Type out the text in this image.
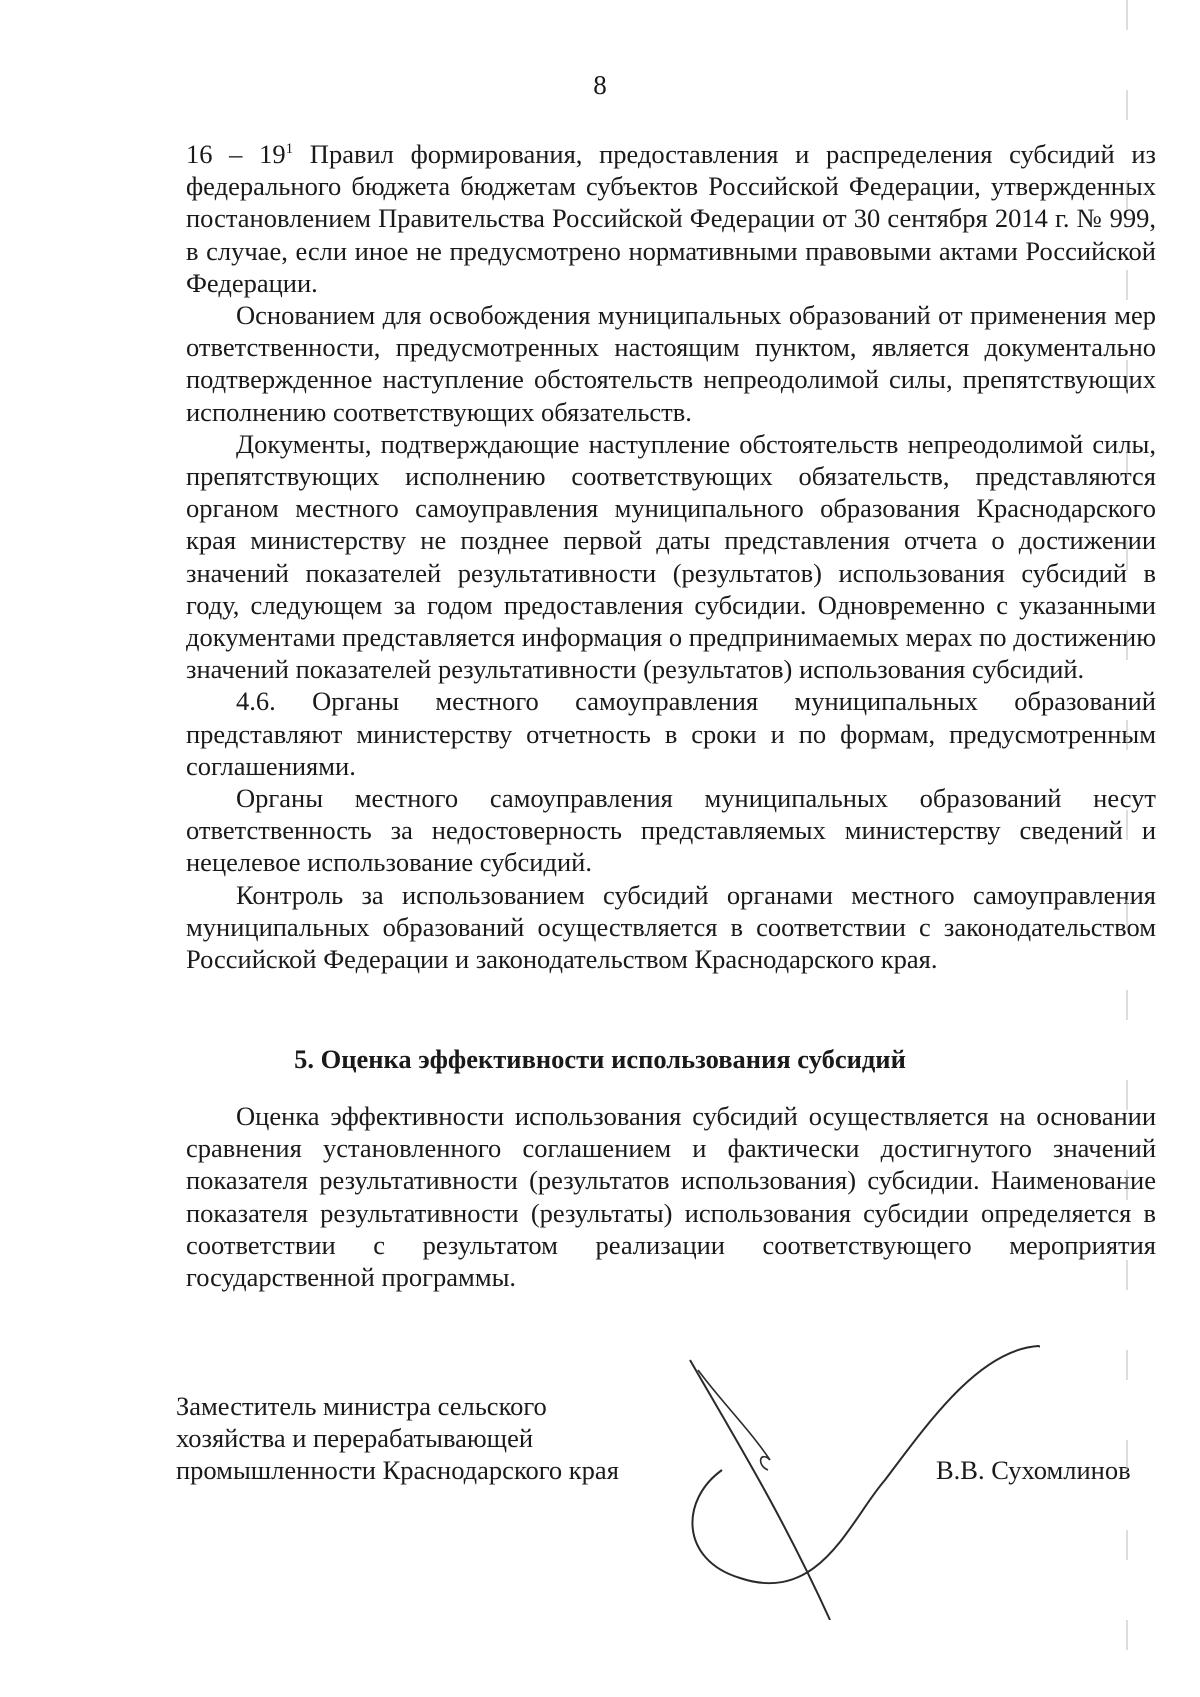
8

$16 - 19^1$ Правил формирования, предоставления и распределения субсидий из федерального бюджета бюджетам субъектов Российской Федерации, утвержденных постановлением Правительства Российской Федерации от 30 сентября 2014 г. № 999, в случае, если иное не предусмотрено нормативными правовыми актами Российской Федерации.

Основанием для освобождения муниципальных образований от применения мер ответственности, предусмотренных настоящим пунктом, является документально подтвержденное наступление обстоятельств непреодолимой силы, препятствующих исполнению соответствующих обязательств.

Документы, подтверждающие наступление обстоятельств непреодолимой силы, препятствующих исполнению соответствующих обязательств, представляются органом местного самоуправления муниципального образования Краснодарского края министерству не позднее первой даты представления отчета о достижении значений показателей результативности (результатов) использования субсидий в году, следующем за годом предоставления субсидии. Одновременно с указанными документами представляется информация о предпринимаемых мерах по достижению значений показателей результативности (результатов) использования субсидий.

4.6. Органы местного самоуправления муниципальных образований представляют министерству отчетность в сроки и по формам, предусмотренным соглашениями.

Органы местного самоуправления муниципальных образований несут ответственность за недостоверность представляемых министерству сведений и нецелевое использование субсидий.

Контроль за использованием субсидий органами местного самоуправления муниципальных образований осуществляется в соответствии с законодательством Российской Федерации и законодательством Краснодарского края.

5. Оценка эффективности использования субсидий

Оценка эффективности использования субсидий осуществляется на основании сравнения установленного соглашением и фактически достигнутого значений показателя результативности (результатов использования) субсидии. Наименование показателя результативности (результаты) использования субсидии определяется в соответствии с результатом реализации соответствующего мероприятия государственной программы.

Заместитель министра сельского
хозяйства и перерабатывающей
промышленности Краснодарского края	В.В. Сухомлинов
